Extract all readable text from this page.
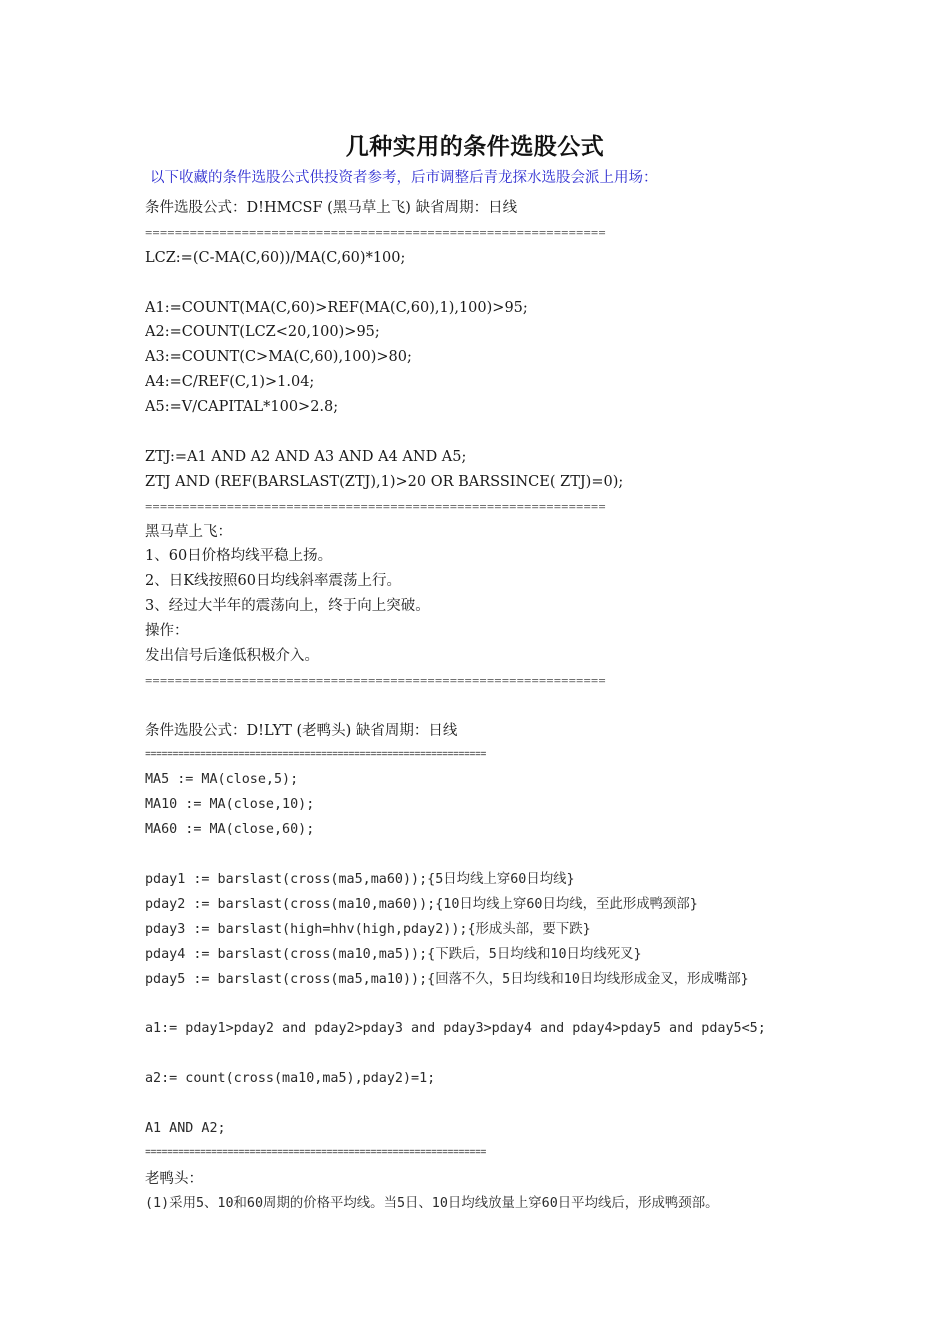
几种实用的条件选股公式
以下收藏的条件选股公式供投资者参考，后市调整后青龙探水选股会派上用场：
条件选股公式：D!HMCSF (黑马草上飞) 缺省周期：日线
==============================================================
LCZ:=(C-MA(C,60))/MA(C,60)*100;

A1:=COUNT(MA(C,60)>REF(MA(C,60),1),100)>95;
A2:=COUNT(LCZ<20,100)>95;
A3:=COUNT(C>MA(C,60),100)>80;
A4:=C/REF(C,1)>1.04;
A5:=V/CAPITAL*100>2.8;

ZTJ:=A1 AND A2 AND A3 AND A4 AND A5;
ZTJ AND (REF(BARSLAST(ZTJ),1)>20 OR BARSSINCE( ZTJ)=0);
==============================================================
黑马草上飞：
1、60日价格均线平稳上扬。
2、日K线按照60日均线斜率震荡上行。
3、经过大半年的震荡向上，终于向上突破。
操作：
发出信号后逢低积极介入。
==============================================================

条件选股公式：D!LYT (老鸭头) 缺省周期：日线
==============================================================
MA5 := MA(close,5);
MA10 := MA(close,10);
MA60 := MA(close,60);

pday1 := barslast(cross(ma5,ma60));{5日均线上穿60日均线}
pday2 := barslast(cross(ma10,ma60));{10日均线上穿60日均线，至此形成鸭颈部}
pday3 := barslast(high=hhv(high,pday2));{形成头部，要下跌}
pday4 := barslast(cross(ma10,ma5));{下跌后，5日均线和10日均线死叉}
pday5 := barslast(cross(ma5,ma10));{回落不久，5日均线和10日均线形成金叉，形成嘴部}

a1:= pday1>pday2 and pday2>pday3 and pday3>pday4 and pday4>pday5 and pday5<5;

a2:= count(cross(ma10,ma5),pday2)=1;

A1 AND A2;
==============================================================
老鸭头：
(1)采用5、10和60周期的价格平均线。当5日、10日均线放量上穿60日平均线后，形成鸭颈部。
